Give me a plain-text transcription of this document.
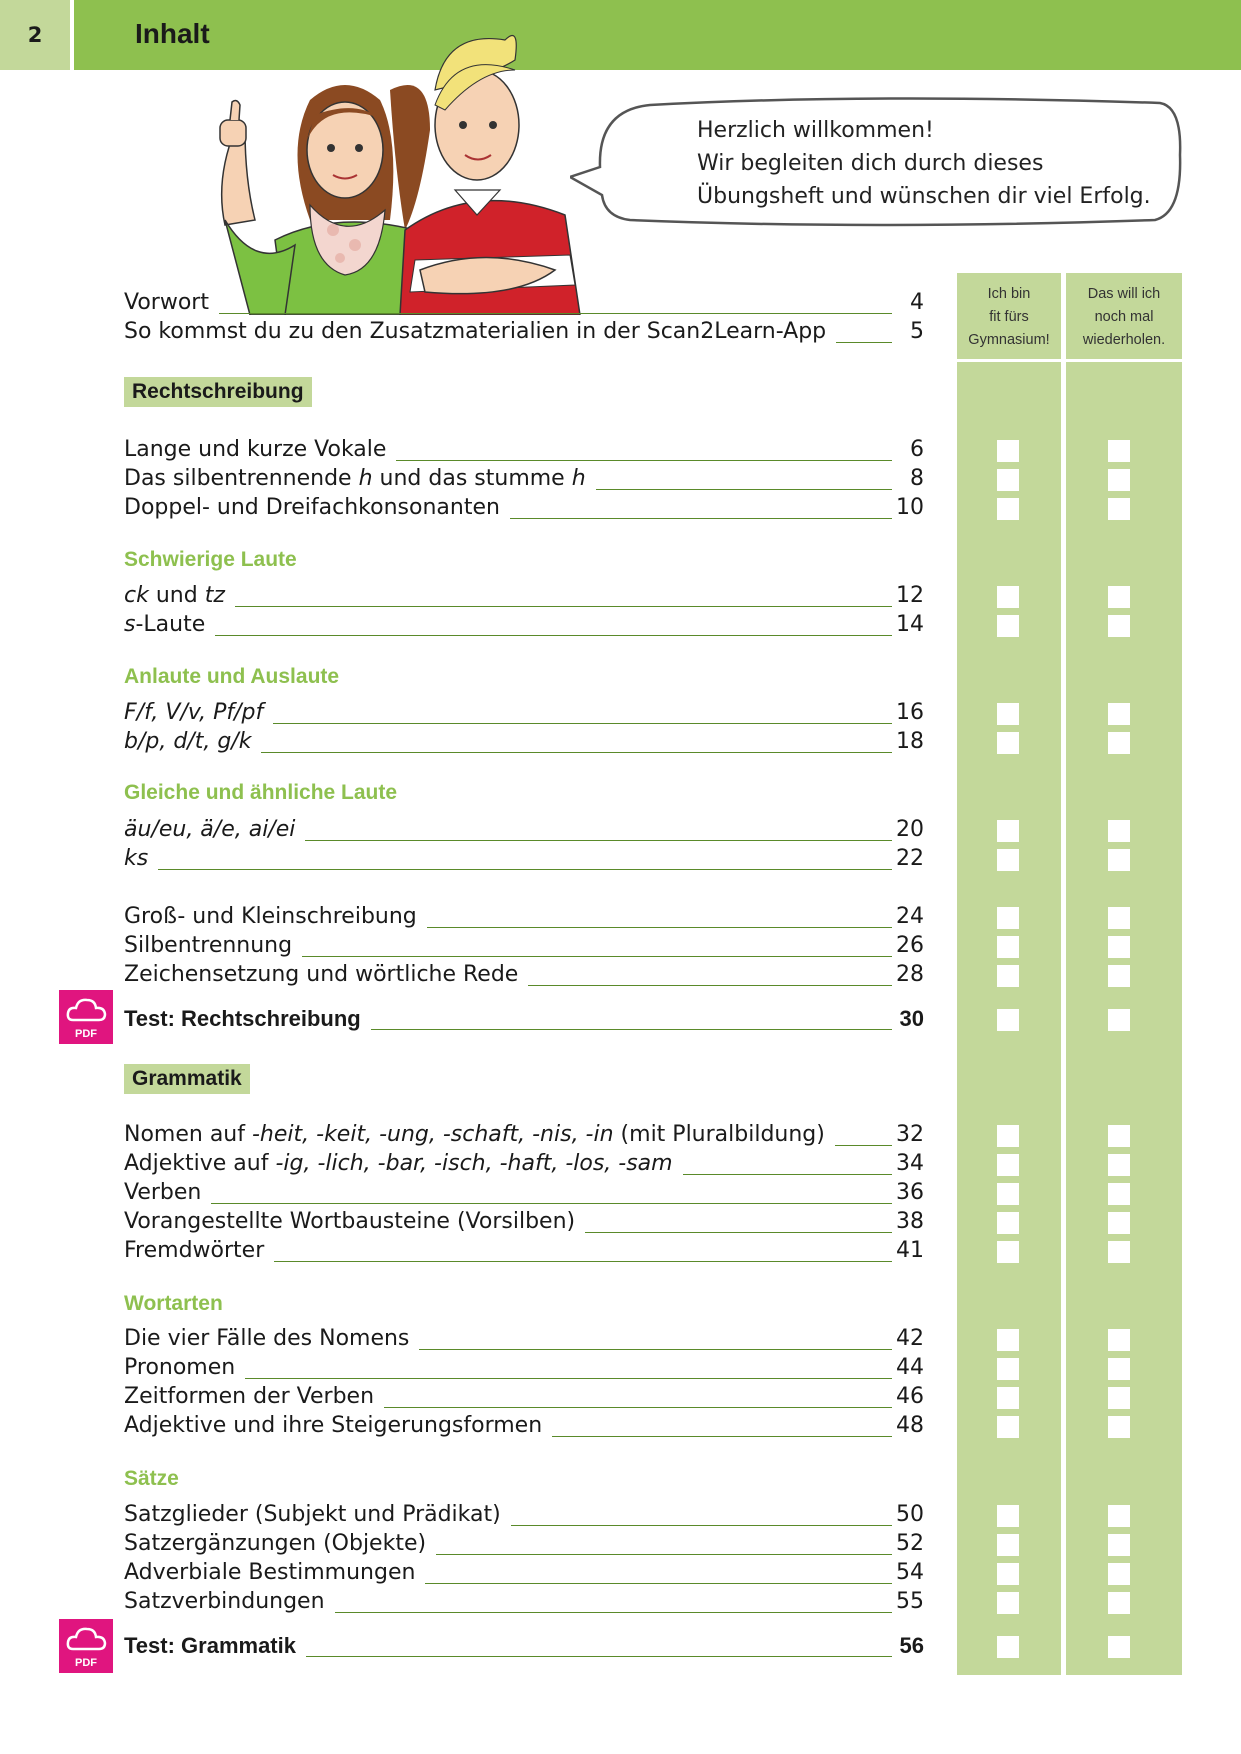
2	Inhalt
Herzlich willkommen!
Wir begleiten dich durch dieses
Übungsheft und wünschen dir viel Erfolg.
Ich bin
fit fürs
Gymnasium!
Das will ich
noch mal
wiederholen.
Vorwort	4
So kommst du zu den Zusatzmaterialien in der Scan2Learn-App	5
Rechtschreibung
Grammatik
Schwierige Laute
Anlaute und Auslaute
Gleiche und ähnliche Laute
Wortarten
Sätze
PDF
PDF
Lange und kurze Vokale	6
Das silbentrennende h und das stumme h	8
Doppel- und Dreifachkonsonanten	10
ck und tz	12
s-Laute	14
F/f, V/v, Pf/pf	16
b/p, d/t, g/k	18
äu/eu, ä/e, ai/ei	20
ks	22
Groß- und Kleinschreibung	24
Silbentrennung	26
Zeichensetzung und wörtliche Rede	28
Test: Rechtschreibung	30
Nomen auf -heit, -keit, -ung, -schaft, -nis, -in (mit Pluralbildung)	32
Adjektive auf -ig, -lich, -bar, -isch, -haft, -los, -sam	34
Verben	36
Vorangestellte Wortbausteine (Vorsilben)	38
Fremdwörter	41
Die vier Fälle des Nomens	42
Pronomen	44
Zeitformen der Verben	46
Adjektive und ihre Steigerungsformen	48
Satzglieder (Subjekt und Prädikat)	50
Satzergänzungen (Objekte)	52
Adverbiale Bestimmungen	54
Satzverbindungen	55
Test: Grammatik	56
